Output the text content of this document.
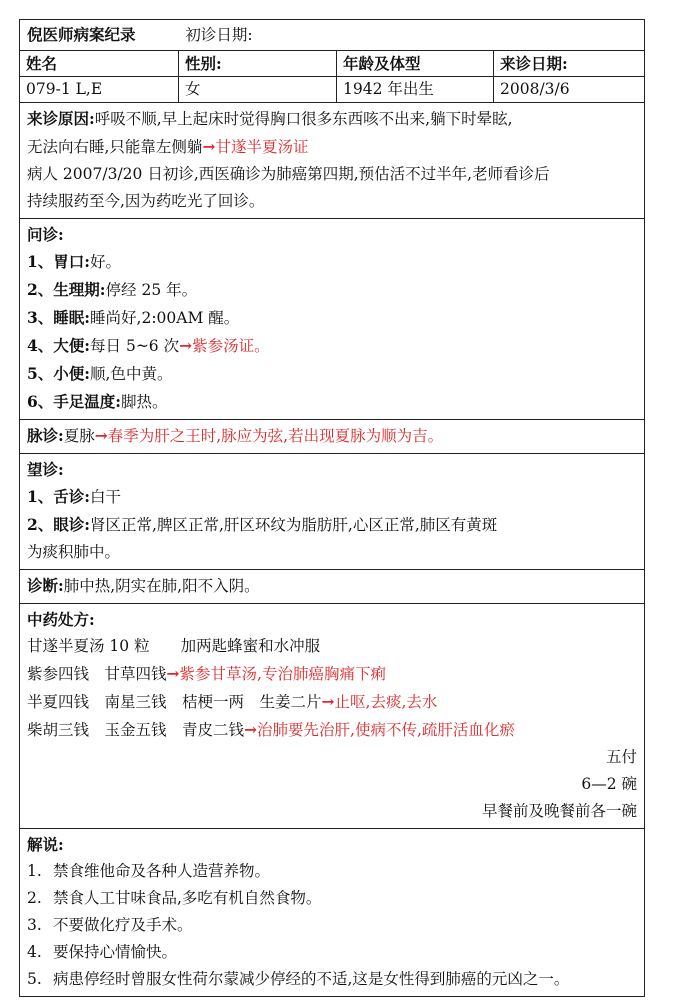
倪医师病案纪录	初诊日期:
姓名	性别:	年龄及体型	来诊日期:
079-1 L,E	女	1942 年出生	2008/3/6
来诊原因:呼吸不顺,早上起床时觉得胸口很多东西咳不出来,躺下时晕眩,
无法向右睡,只能靠左侧躺→甘遂半夏汤证
病人 2007/3/20 日初诊,西医确诊为肺癌第四期,预估活不过半年,老师看诊后
持续服药至今,因为药吃光了回诊。
问诊:
1、胃口:好。
2、生理期:停经 25 年。
3、睡眠:睡尚好,2:00AM 醒。
4、大便:每日 5~6 次→紫参汤证。
5、小便:顺,色中黄。
6、手足温度:脚热。
脉诊:夏脉→春季为肝之王时,脉应为弦,若出现夏脉为顺为吉。
望诊:
1、舌诊:白干
2、眼诊:肾区正常,脾区正常,肝区环纹为脂肪肝,心区正常,肺区有黄斑
为痰积肺中。
诊断:肺中热,阴实在肺,阳不入阴。
中药处方:
甘遂半夏汤 10 粒　　加两匙蜂蜜和水冲服
紫参四钱　甘草四钱→紫参甘草汤,专治肺癌胸痛下痢
半夏四钱　南星三钱　桔梗一两　生姜二片→止呕,去痰,去水
柴胡三钱　玉金五钱　青皮二钱→治肺要先治肝,使病不传,疏肝活血化瘀
五付
6—2 碗
早餐前及晚餐前各一碗
解说:
1. 禁食维他命及各种人造营养物。
2. 禁食人工甘味食品,多吃有机自然食物。
3. 不要做化疗及手术。
4. 要保持心情愉快。
5. 病患停经时曾服女性荷尔蒙减少停经的不适,这是女性得到肺癌的元凶之一。
